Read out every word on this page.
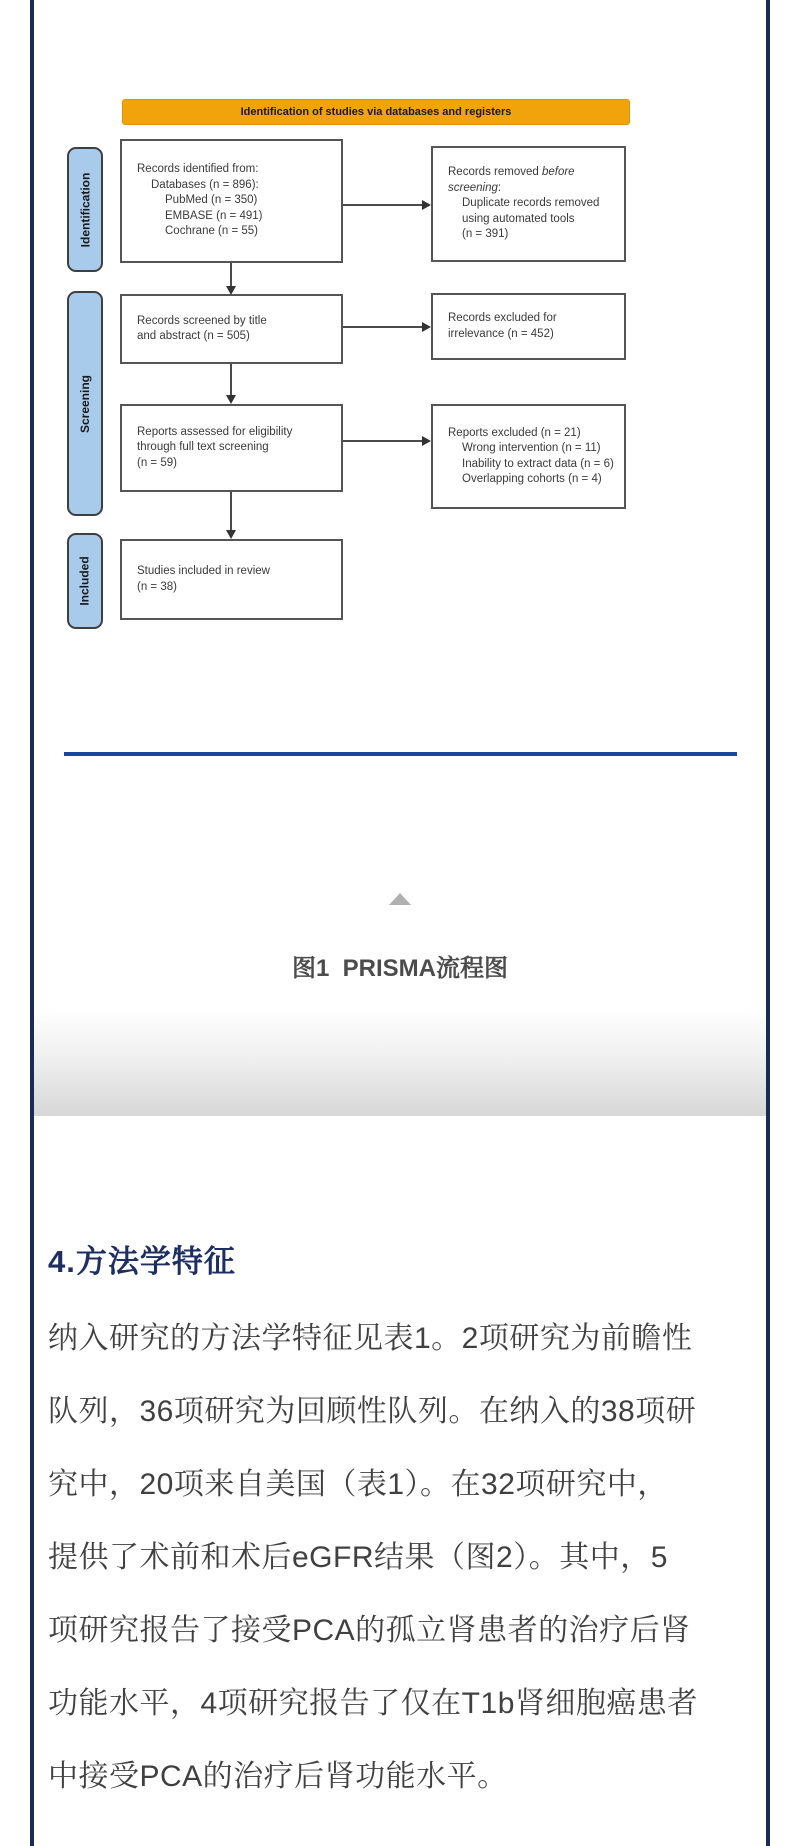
Identification of studies via databases and registers
Identification
Screening
Included
Records identified from:
Databases (n = 896):
PubMed (n = 350)
EMBASE (n = 491)
Cochrane (n = 55)
Records removed before
screening:
Duplicate records removed
using automated tools
(n = 391)
Records screened by title
and abstract (n = 505)
Records excluded for
irrelevance (n = 452)
Reports assessed for eligibility
through full text screening
(n = 59)
Reports excluded (n = 21)
Wrong intervention (n = 11)
Inability to extract data (n = 6)
Overlapping cohorts (n = 4)
Studies included in review
(n = 38)
图1  PRISMA流程图
4.方法学特征
纳入研究的方法学特征见表1。2项研究为前瞻性
队列，36项研究为回顾性队列。在纳入的38项研
究中，20项来自美国（表1）。在32项研究中，
提供了术前和术后eGFR结果（图2）。其中，5
项研究报告了接受PCA的孤立肾患者的治疗后肾
功能水平，4项研究报告了仅在T1b肾细胞癌患者
中接受PCA的治疗后肾功能水平。
